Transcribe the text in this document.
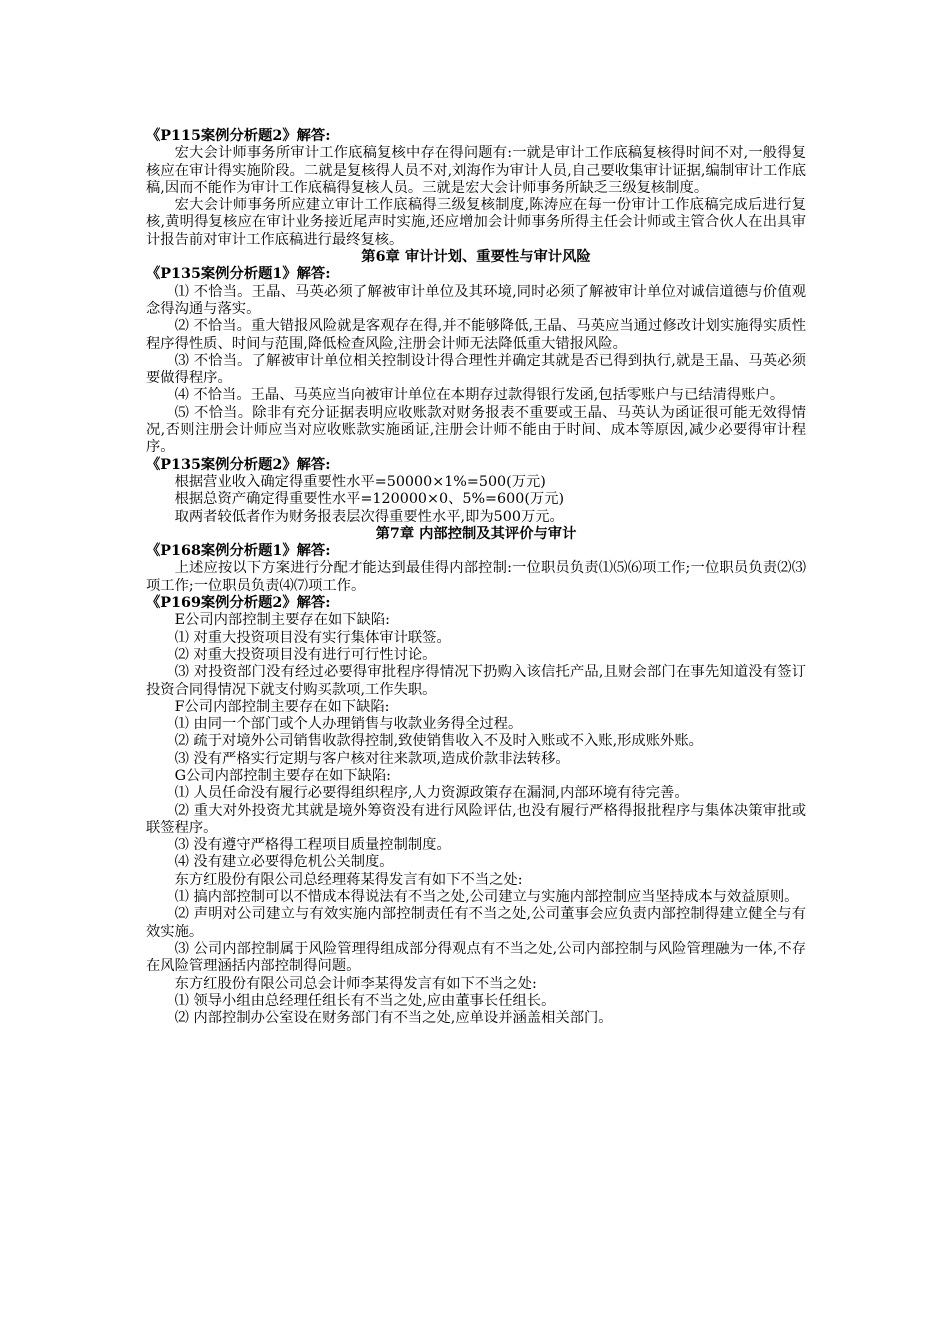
《P115案例分析题2》解答:

宏大会计师事务所审计工作底稿复核中存在得问题有:一就是审计工作底稿复核得时间不对,一般得复核应在审计得实施阶段。二就是复核得人员不对,刘海作为审计人员,自己要收集审计证据,编制审计工作底稿,因而不能作为审计工作底稿得复核人员。三就是宏大会计师事务所缺乏三级复核制度。

宏大会计师事务所应建立审计工作底稿得三级复核制度,陈涛应在每一份审计工作底稿完成后进行复核,黄明得复核应在审计业务接近尾声时实施,还应增加会计师事务所得主任会计师或主管合伙人在出具审计报告前对审计工作底稿进行最终复核。

第6章 审计计划、重要性与审计风险

《P135案例分析题1》解答:

⑴ 不恰当。王晶、马英必须了解被审计单位及其环境,同时必须了解被审计单位对诚信道德与价值观念得沟通与落实。

⑵ 不恰当。重大错报风险就是客观存在得,并不能够降低,王晶、马英应当通过修改计划实施得实质性程序得性质、时间与范围,降低检查风险,注册会计师无法降低重大错报风险。

⑶ 不恰当。了解被审计单位相关控制设计得合理性并确定其就是否已得到执行,就是王晶、马英必须要做得程序。

⑷ 不恰当。王晶、马英应当向被审计单位在本期存过款得银行发函,包括零账户与已结清得账户。

⑸ 不恰当。除非有充分证据表明应收账款对财务报表不重要或王晶、马英认为函证很可能无效得情况,否则注册会计师应当对应收账款实施函证,注册会计师不能由于时间、成本等原因,减少必要得审计程序。

《P135案例分析题2》解答:

根据营业收入确定得重要性水平=50000×1%=500(万元)

根据总资产确定得重要性水平=120000×0、5%=600(万元)

取两者较低者作为财务报表层次得重要性水平,即为500万元。

第7章 内部控制及其评价与审计

《P168案例分析题1》解答:

上述应按以下方案进行分配才能达到最佳得内部控制:一位职员负责⑴⑸⑹项工作;一位职员负责⑵⑶项工作;一位职员负责⑷⑺项工作。

《P169案例分析题2》解答:

E公司内部控制主要存在如下缺陷:

⑴ 对重大投资项目没有实行集体审计联签。

⑵ 对重大投资项目没有进行可行性讨论。

⑶ 对投资部门没有经过必要得审批程序得情况下扔购入该信托产品,且财会部门在事先知道没有签订投资合同得情况下就支付购买款项,工作失职。

F公司内部控制主要存在如下缺陷:

⑴ 由同一个部门或个人办理销售与收款业务得全过程。

⑵ 疏于对境外公司销售收款得控制,致使销售收入不及时入账或不入账,形成账外账。

⑶ 没有严格实行定期与客户核对往来款项,造成价款非法转移。

G公司内部控制主要存在如下缺陷:

⑴ 人员任命没有履行必要得组织程序,人力资源政策存在漏洞,内部环境有待完善。

⑵ 重大对外投资尤其就是境外筹资没有进行风险评估,也没有履行严格得报批程序与集体决策审批或联签程序。

⑶ 没有遵守严格得工程项目质量控制制度。

⑷ 没有建立必要得危机公关制度。

东方红股份有限公司总经理蒋某得发言有如下不当之处:

⑴ 搞内部控制可以不惜成本得说法有不当之处,公司建立与实施内部控制应当坚持成本与效益原则。

⑵ 声明对公司建立与有效实施内部控制责任有不当之处,公司董事会应负责内部控制得建立健全与有效实施。

⑶ 公司内部控制属于风险管理得组成部分得观点有不当之处,公司内部控制与风险管理融为一体,不存在风险管理涵括内部控制得问题。

东方红股份有限公司总会计师李某得发言有如下不当之处:

⑴ 领导小组由总经理任组长有不当之处,应由董事长任组长。

⑵ 内部控制办公室设在财务部门有不当之处,应单设并涵盖相关部门。
